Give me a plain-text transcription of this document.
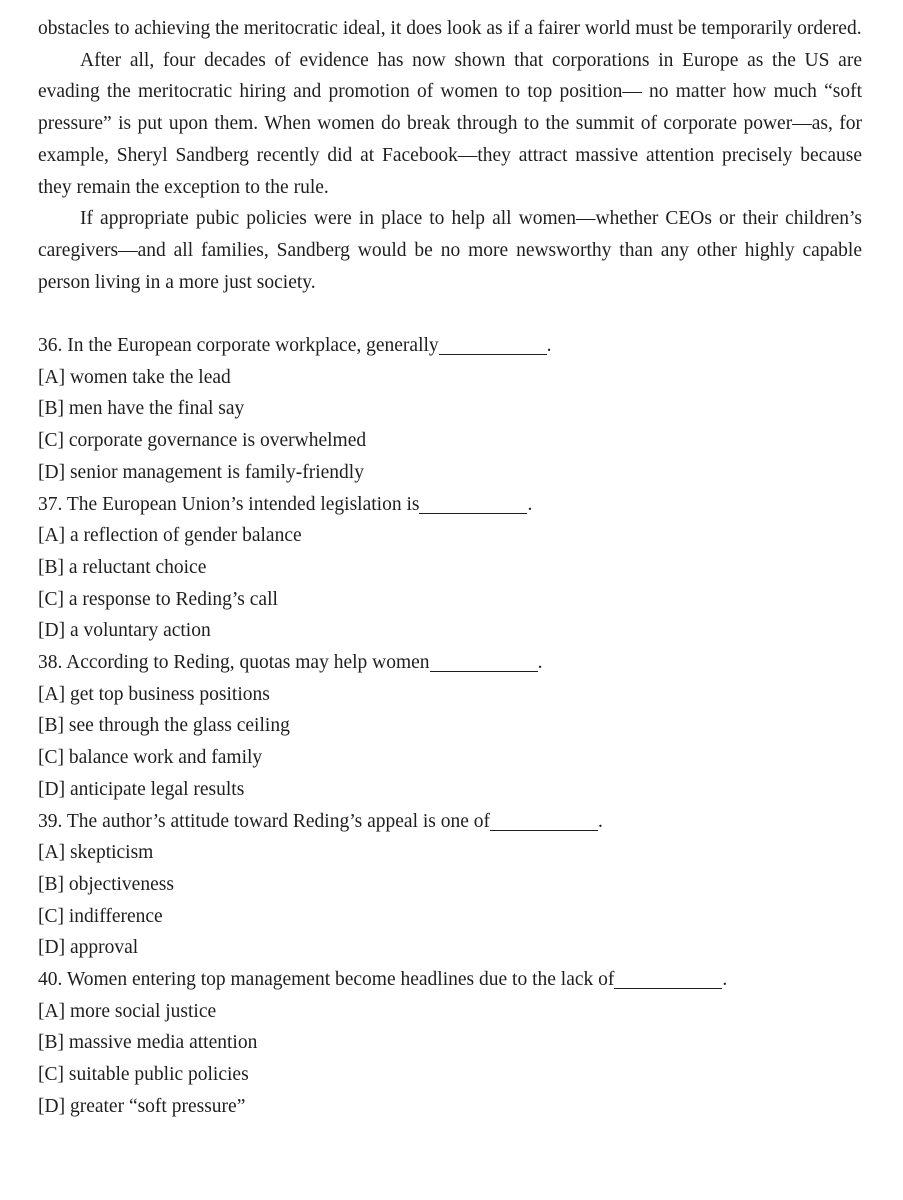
obstacles to achieving the meritocratic ideal, it does look as if a fairer world must be temporarily ordered.

After all, four decades of evidence has now shown that corporations in Europe as the US are evading the meritocratic hiring and promotion of women to top position— no matter how much “soft pressure” is put upon them. When women do break through to the summit of corporate power—as, for example, Sheryl Sandberg recently did at Facebook—they attract massive attention precisely because they remain the exception to the rule.

If appropriate pubic policies were in place to help all women—whether CEOs or their children’s caregivers—and all families, Sandberg would be no more newsworthy than any other highly capable person living in a more just society.

36. In the European corporate workplace, generally	.
[A] women take the lead
[B] men have the final say
[C] corporate governance is overwhelmed
[D] senior management is family-friendly
37. The European Union’s intended legislation is	.
[A] a reflection of gender balance
[B] a reluctant choice
[C] a response to Reding’s call
[D] a voluntary action
38. According to Reding, quotas may help women	.
[A] get top business positions
[B] see through the glass ceiling
[C] balance work and family
[D] anticipate legal results
39. The author’s attitude toward Reding’s appeal is one of	.
[A] skepticism
[B] objectiveness
[C] indifference
[D] approval
40. Women entering top management become headlines due to the lack of	.
[A] more social justice
[B] massive media attention
[C] suitable public policies
[D] greater “soft pressure”
